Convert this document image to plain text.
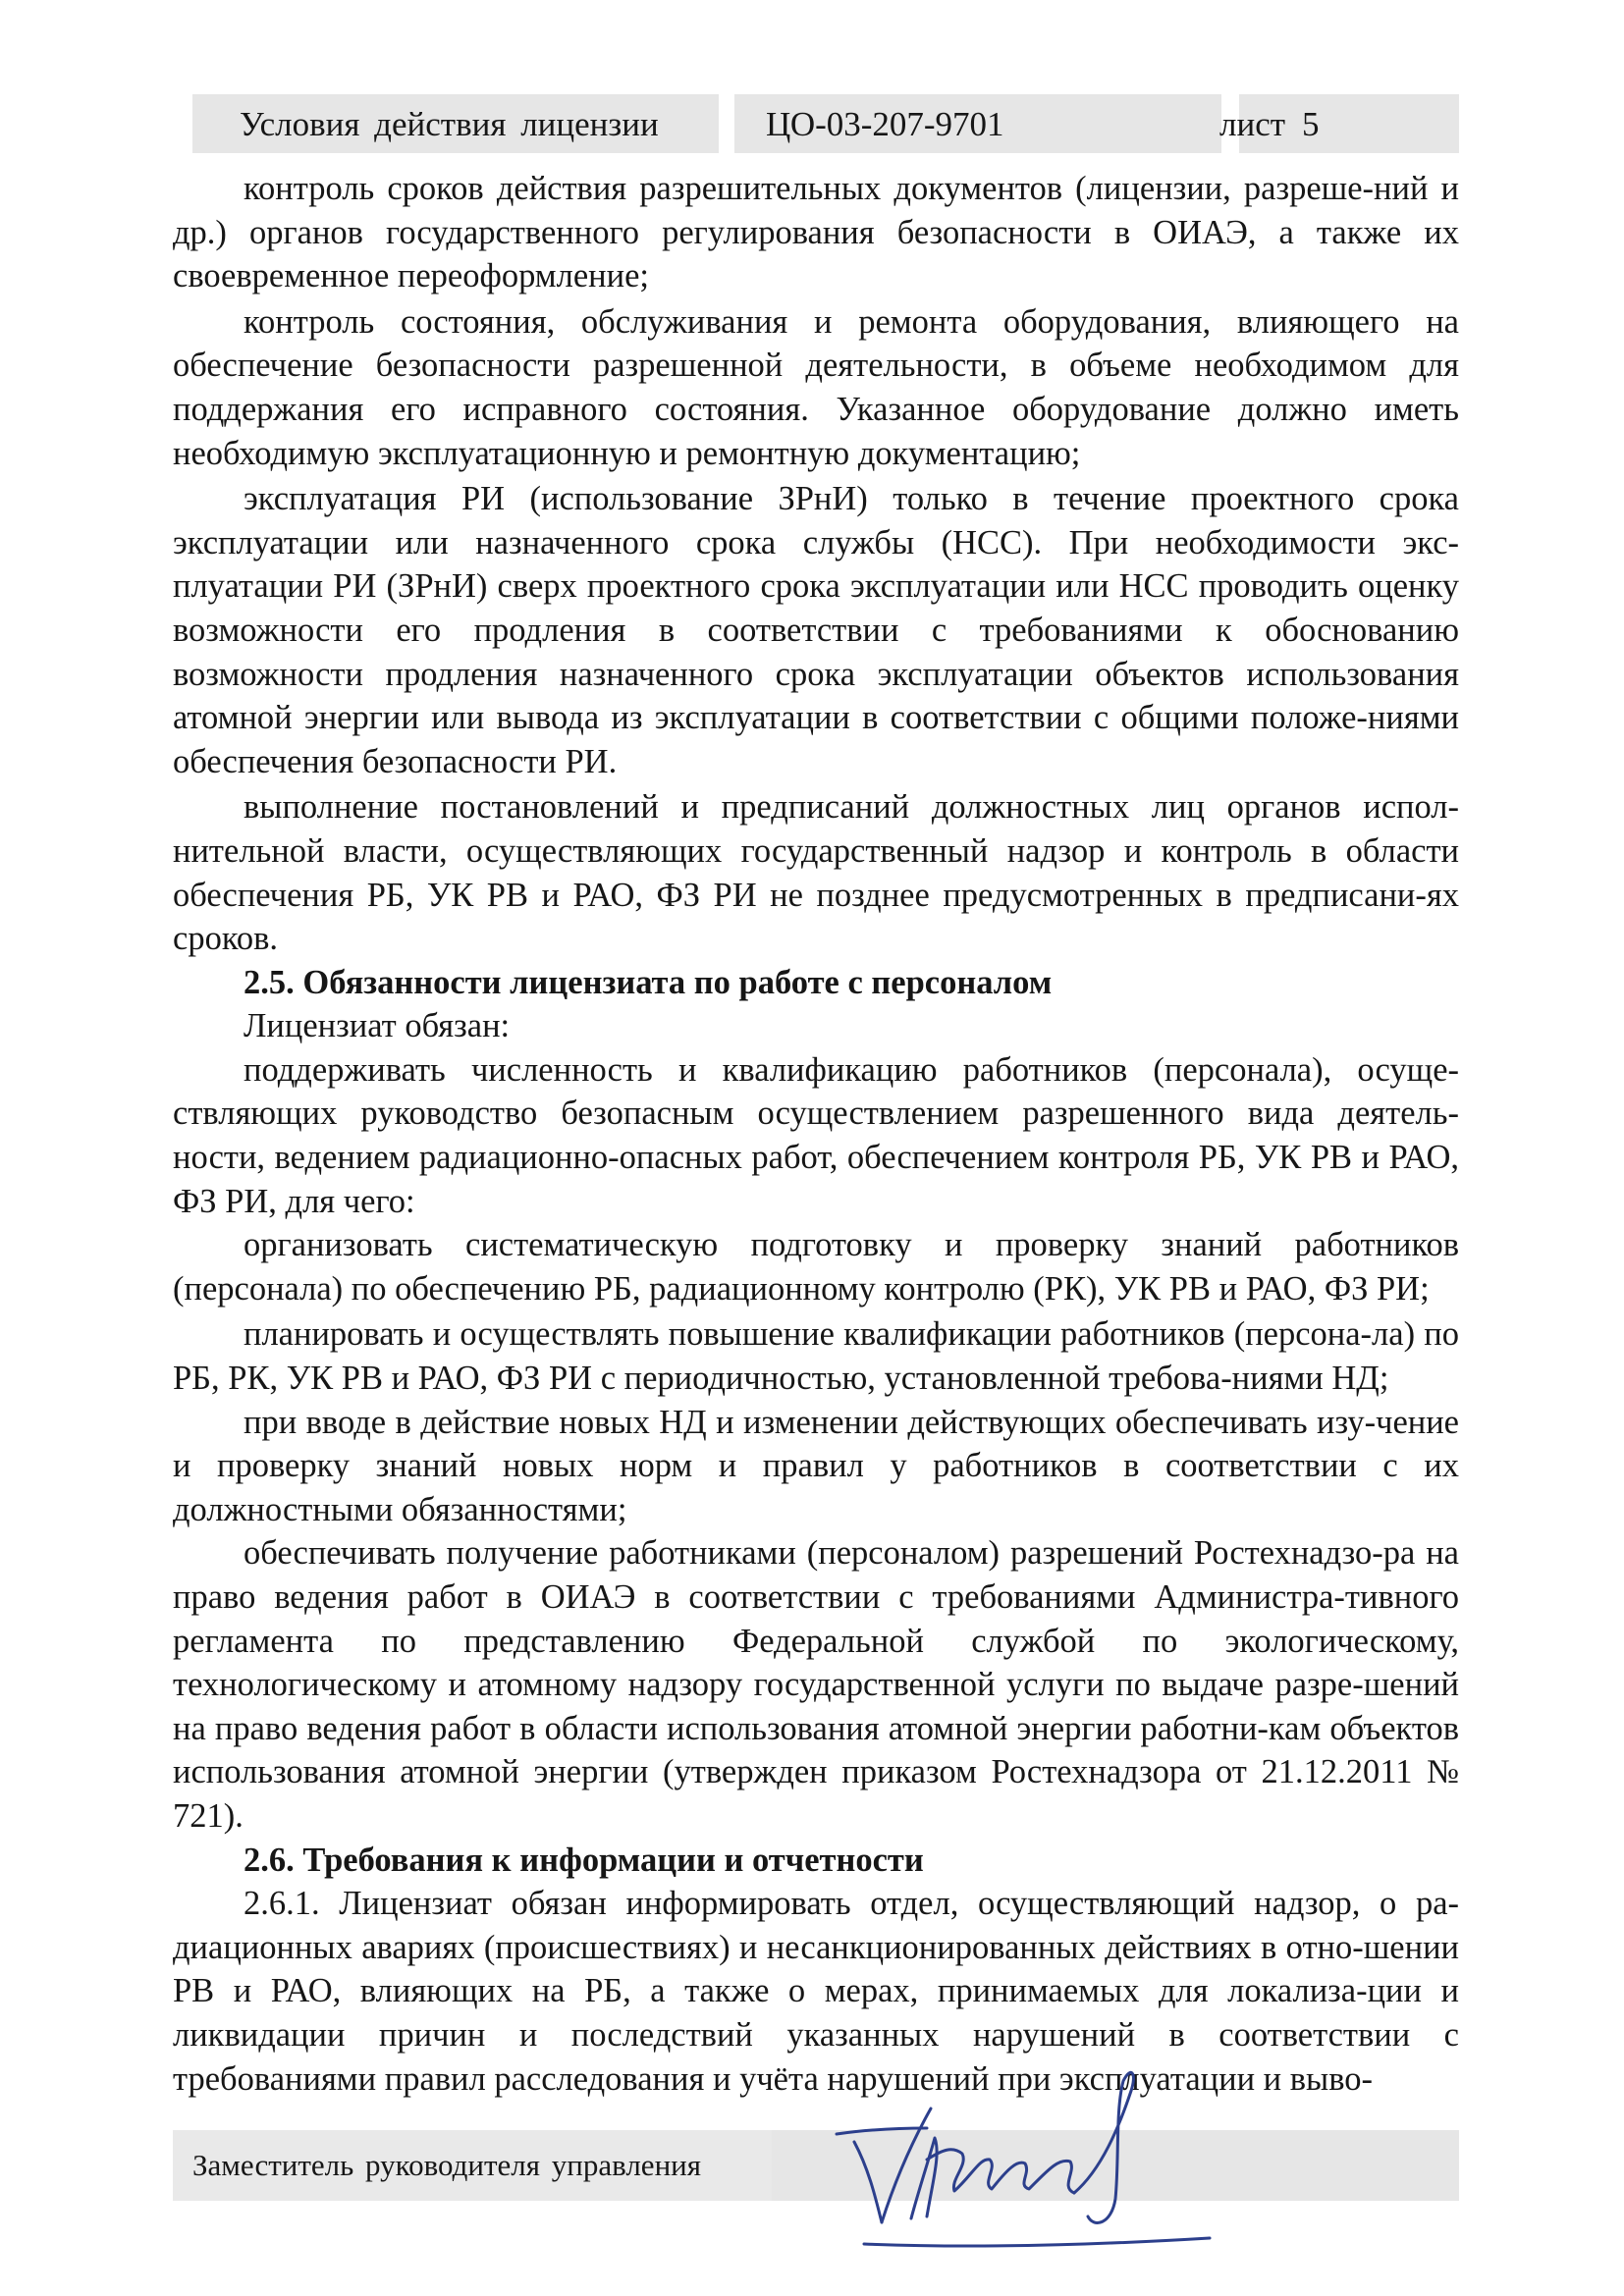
Условия действия лицензии	ЦО-03-207-9701	лист 5

контроль сроков действия разрешительных документов (лицензии, разреше-ний и др.) органов государственного регулирования безопасности в ОИАЭ, а также их своевременное переоформление;

контроль состояния, обслуживания и ремонта оборудования, влияющего на обеспечение безопасности разрешенной деятельности, в объеме необходимом для поддержания его исправного состояния. Указанное оборудование должно иметь необходимую эксплуатационную и ремонтную документацию;

эксплуатация РИ (использование ЗРнИ) только в течение проектного срока эксплуатации или назначенного срока службы (НСС). При необходимости экс-плуатации РИ (ЗРнИ) сверх проектного срока эксплуатации или НСС проводить оценку возможности его продления в соответствии с требованиями к обоснованию возможности продления назначенного срока эксплуатации объектов использования атомной энергии или вывода из эксплуатации в соответствии с общими положе-ниями обеспечения безопасности РИ.

выполнение постановлений и предписаний должностных лиц органов испол-нительной власти, осуществляющих государственный надзор и контроль в области обеспечения РБ, УК РВ и РАО, ФЗ РИ не позднее предусмотренных в предписани-ях сроков.

2.5. Обязанности лицензиата по работе с персоналом

Лицензиат обязан:

поддерживать численность и квалификацию работников (персонала), осуще-ствляющих руководство безопасным осуществлением разрешенного вида деятель-ности, ведением радиационно-опасных работ, обеспечением контроля РБ, УК РВ и РАО, ФЗ РИ, для чего:

организовать систематическую подготовку и проверку знаний работников (персонала) по обеспечению РБ, радиационному контролю (РК), УК РВ и РАО, ФЗ РИ;

планировать и осуществлять повышение квалификации работников (персона-ла) по РБ, РК, УК РВ и РАО, ФЗ РИ с периодичностью, установленной требова-ниями НД;

при вводе в действие новых НД и изменении действующих обеспечивать изу-чение и проверку знаний новых норм и правил у работников в соответствии с их должностными обязанностями;

обеспечивать получение работниками (персоналом) разрешений Ростехнадзо-ра на право ведения работ в ОИАЭ в соответствии с требованиями Администра-тивного регламента по представлению Федеральной службой по экологическому, технологическому и атомному надзору государственной услуги по выдаче разре-шений на право ведения работ в области использования атомной энергии работни-кам объектов использования атомной энергии (утвержден приказом Ростехнадзора от 21.12.2011 № 721).

2.6. Требования к информации и отчетности

2.6.1. Лицензиат обязан информировать отдел, осуществляющий надзор, о ра-диационных авариях (происшествиях) и несанкционированных действиях в отно-шении РВ и РАО, влияющих на РБ, а также о мерах, принимаемых для локализа-ции и ликвидации причин и последствий указанных нарушений в соответствии с требованиями правил расследования и учёта нарушений при эксплуатации и выво-

Заместитель руководителя управления
